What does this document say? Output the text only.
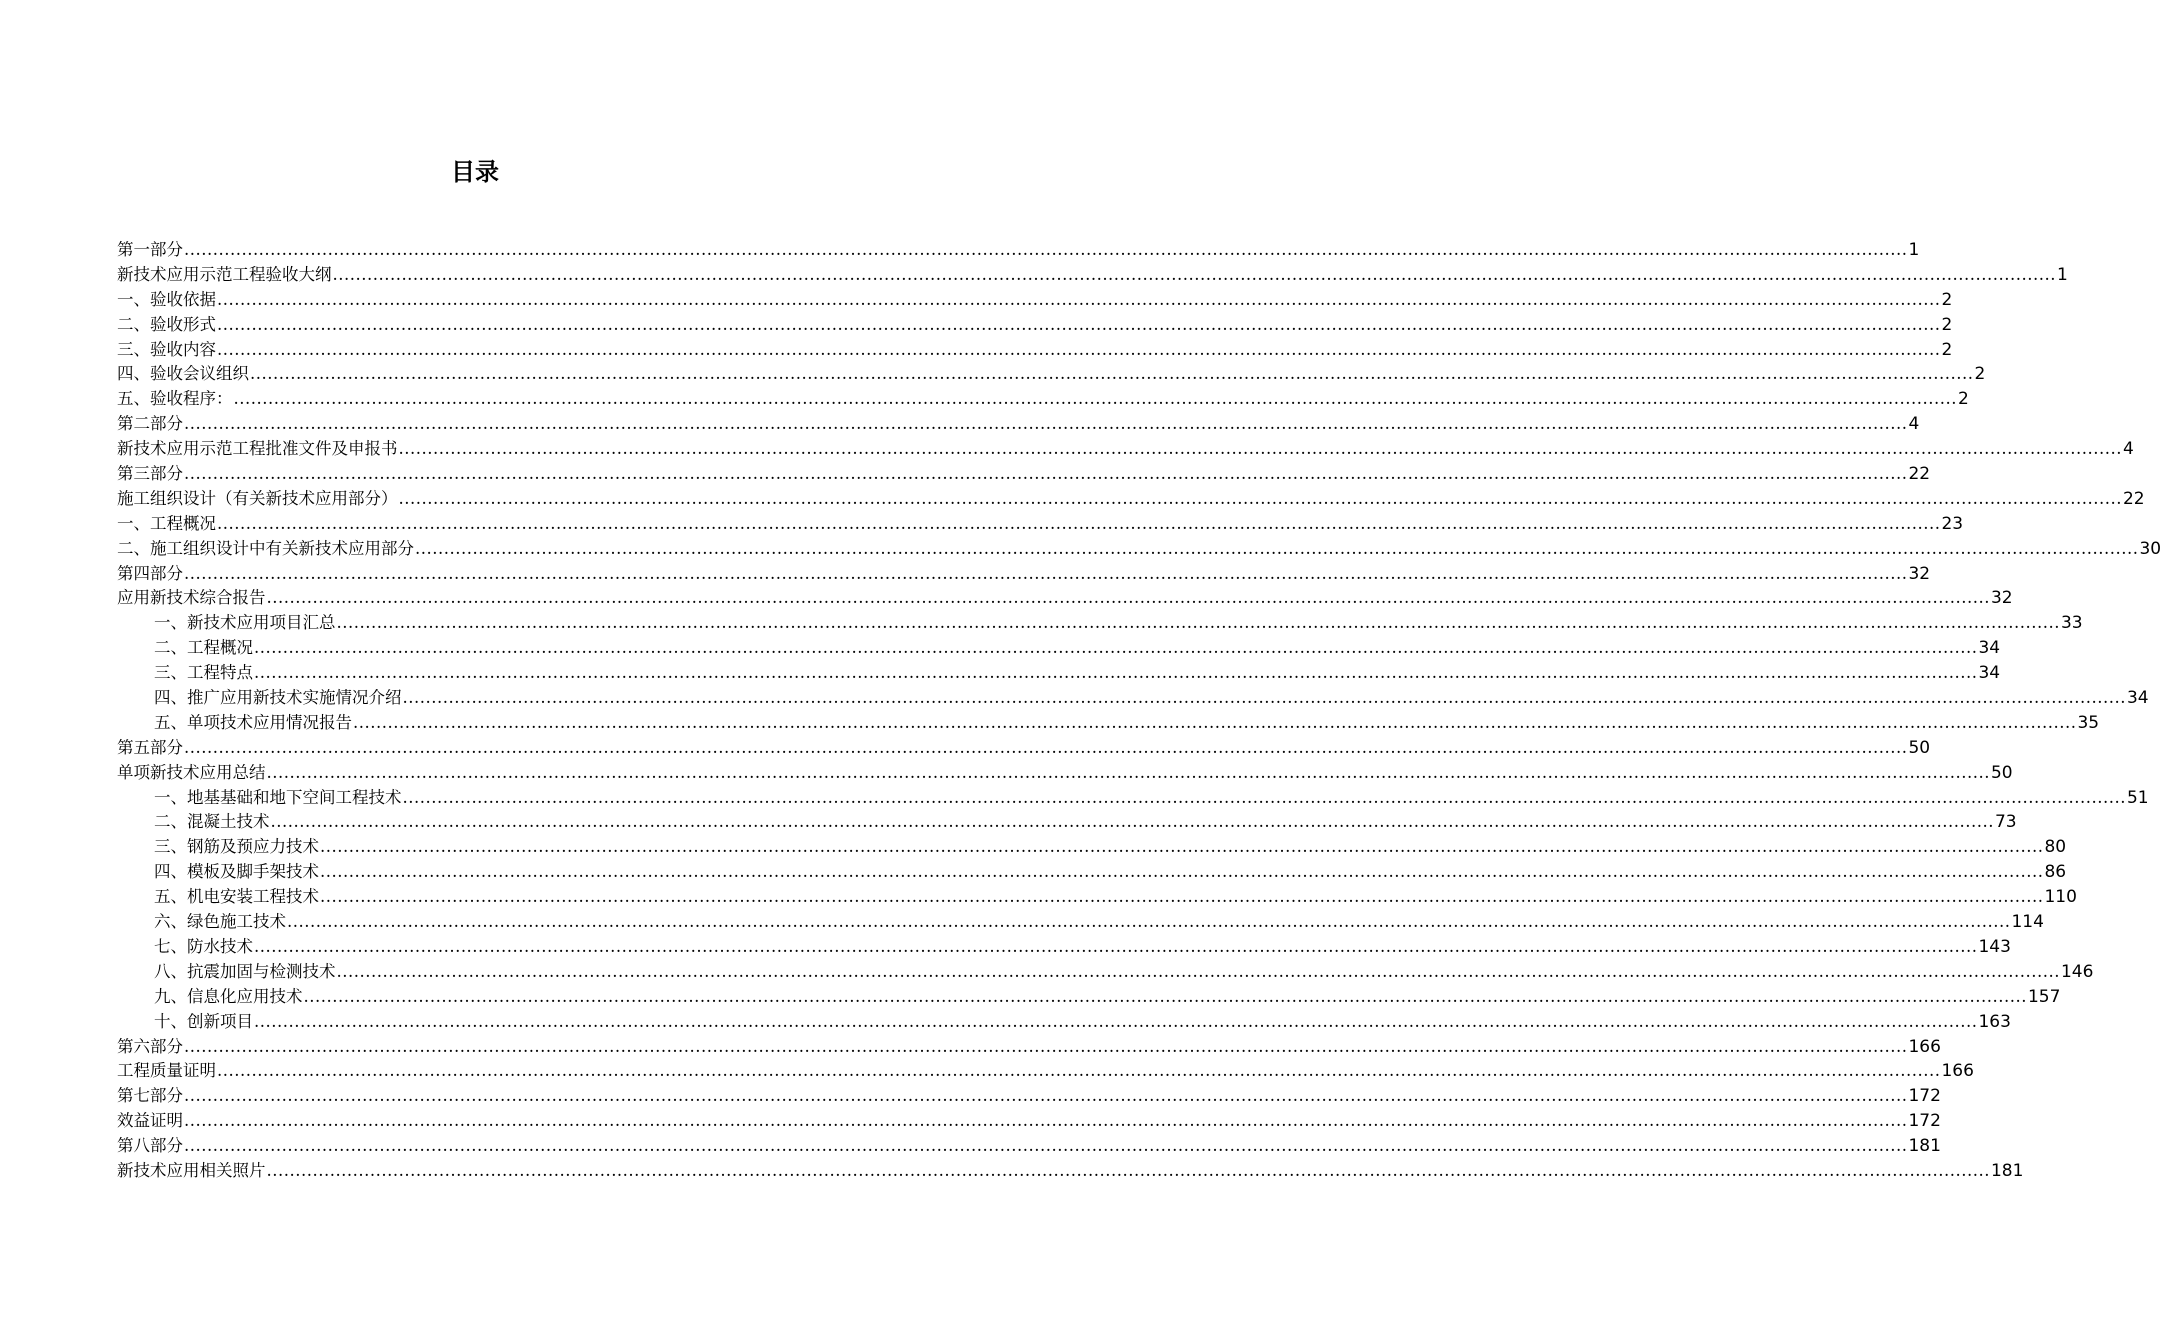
目录
第一部分 ............................................................................................................................................................................................................................................................................................................ 1
新技术应用示范工程验收大纲 ............................................................................................................................................................................................................................................................................................................ 1
一、验收依据 ............................................................................................................................................................................................................................................................................................................ 2
二、验收形式 ............................................................................................................................................................................................................................................................................................................ 2
三、验收内容 ............................................................................................................................................................................................................................................................................................................ 2
四、验收会议组织 ............................................................................................................................................................................................................................................................................................................ 2
五、验收程序： ............................................................................................................................................................................................................................................................................................................ 2
第二部分 ............................................................................................................................................................................................................................................................................................................ 4
新技术应用示范工程批准文件及申报书 ............................................................................................................................................................................................................................................................................................................ 4
第三部分 ............................................................................................................................................................................................................................................................................................................ 22
施工组织设计（有关新技术应用部分） ............................................................................................................................................................................................................................................................................................................ 22
一、工程概况 ............................................................................................................................................................................................................................................................................................................ 23
二、施工组织设计中有关新技术应用部分 ............................................................................................................................................................................................................................................................................................................ 30
第四部分 ............................................................................................................................................................................................................................................................................................................ 32
应用新技术综合报告 ............................................................................................................................................................................................................................................................................................................ 32
一、新技术应用项目汇总 ............................................................................................................................................................................................................................................................................................................ 33
二、工程概况 ............................................................................................................................................................................................................................................................................................................ 34
三、工程特点 ............................................................................................................................................................................................................................................................................................................ 34
四、推广应用新技术实施情况介绍 ............................................................................................................................................................................................................................................................................................................ 34
五、单项技术应用情况报告 ............................................................................................................................................................................................................................................................................................................ 35
第五部分 ............................................................................................................................................................................................................................................................................................................ 50
单项新技术应用总结 ............................................................................................................................................................................................................................................................................................................ 50
一、地基基础和地下空间工程技术 ............................................................................................................................................................................................................................................................................................................ 51
二、混凝土技术 ............................................................................................................................................................................................................................................................................................................ 73
三、钢筋及预应力技术 ............................................................................................................................................................................................................................................................................................................ 80
四、模板及脚手架技术 ............................................................................................................................................................................................................................................................................................................ 86
五、机电安装工程技术 ............................................................................................................................................................................................................................................................................................................ 110
六、绿色施工技术 ............................................................................................................................................................................................................................................................................................................ 114
七、防水技术 ............................................................................................................................................................................................................................................................................................................ 143
八、抗震加固与检测技术 ............................................................................................................................................................................................................................................................................................................ 146
九、信息化应用技术 ............................................................................................................................................................................................................................................................................................................ 157
十、创新项目 ............................................................................................................................................................................................................................................................................................................ 163
第六部分 ............................................................................................................................................................................................................................................................................................................ 166
工程质量证明 ............................................................................................................................................................................................................................................................................................................ 166
第七部分 ............................................................................................................................................................................................................................................................................................................ 172
效益证明 ............................................................................................................................................................................................................................................................................................................ 172
第八部分 ............................................................................................................................................................................................................................................................................................................ 181
新技术应用相关照片 ............................................................................................................................................................................................................................................................................................................ 181
